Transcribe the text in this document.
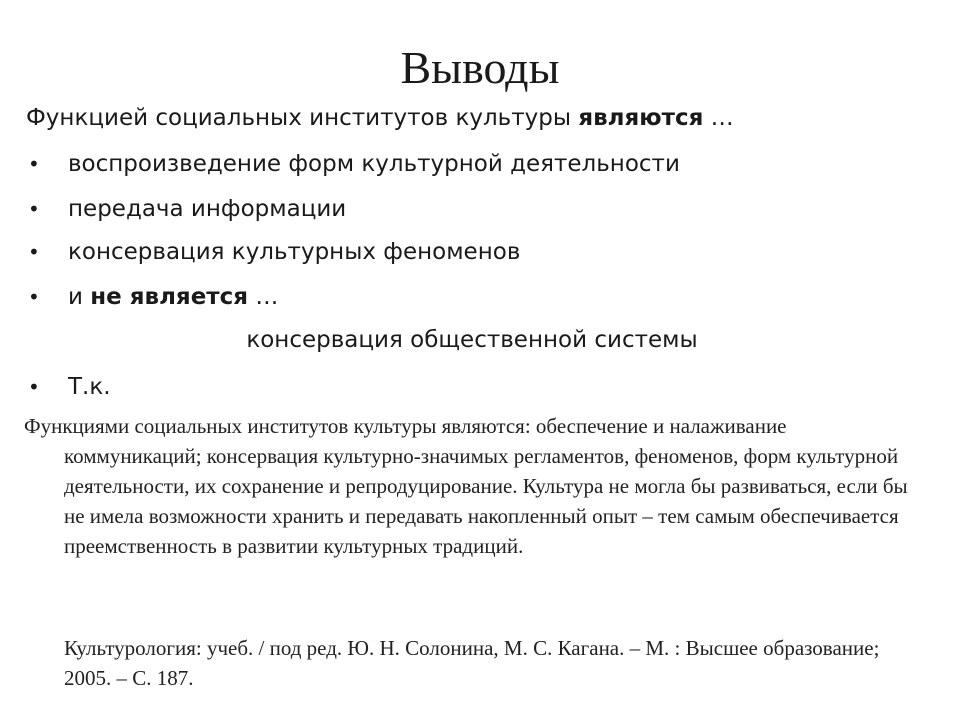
Выводы
Функцией социальных институтов культуры являются …
• воспроизведение форм культурной деятельности
• передача информации
• консервация культурных феноменов
• и не является …
консервация общественной системы
• Т.к.

Функциями социальных институтов культуры являются: обеспечение и налаживание коммуникаций; консервация культурно-значимых регламентов, феноменов, форм культурной деятельности, их сохранение и репродуцирование. Культура не могла бы развиваться, если бы не имела возможности хранить и передавать накопленный опыт – тем самым обеспечивается преемственность в развитии культурных традиций.

Культурология: учеб. / под ред. Ю. Н. Солонина, М. С. Кагана. – М. : Высшее образование; 2005. – С. 187.
